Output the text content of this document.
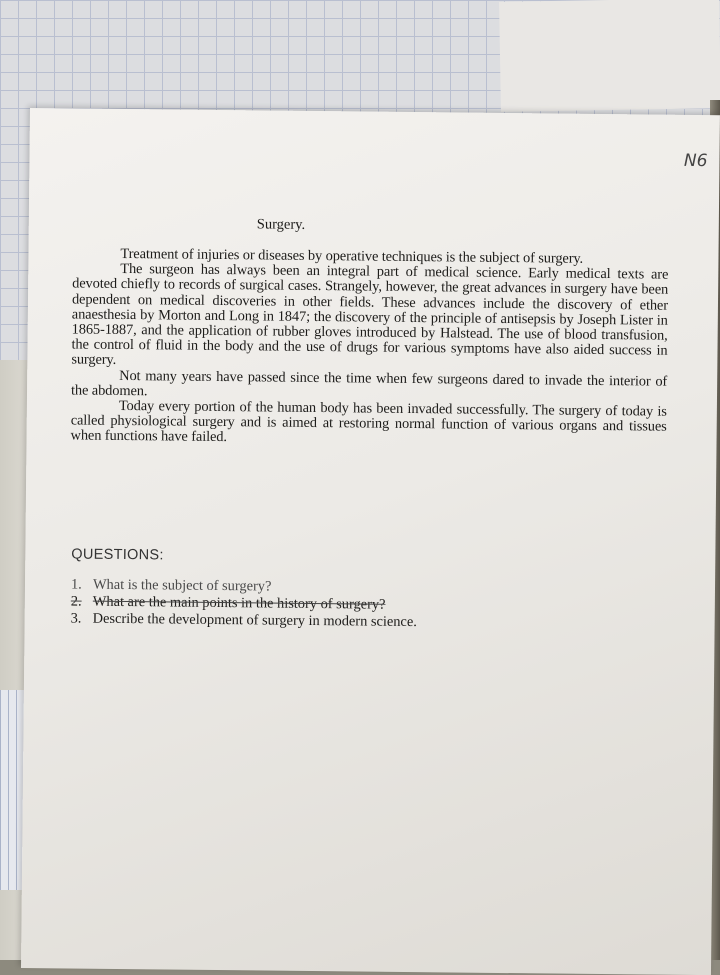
N6
Surgery.

Treatment of injuries or diseases by operative techniques is the subject of surgery.

The surgeon has always been an integral part of medical science. Early medical texts are devoted chiefly to records of surgical cases. Strangely, however, the great advances in surgery have been dependent on medical discoveries in other fields. These advances include the discovery of ether anaesthesia by Morton and Long in 1847; the discovery of the principle of antisepsis by Joseph Lister in 1865-1887, and the application of rubber gloves introduced by Halstead. The use of blood transfusion, the control of fluid in the body and the use of drugs for various symptoms have also aided success in surgery.

Not many years have passed since the time when few surgeons dared to invade the interior of the abdomen.

Today every portion of the human body has been invaded successfully. The surgery of today is called physiological surgery and is aimed at restoring normal function of various organs and tissues when functions have failed.

QUESTIONS:
1. What is the subject of surgery?
2. What are the main points in the history of surgery?
3. Describe the development of surgery in modern science.
